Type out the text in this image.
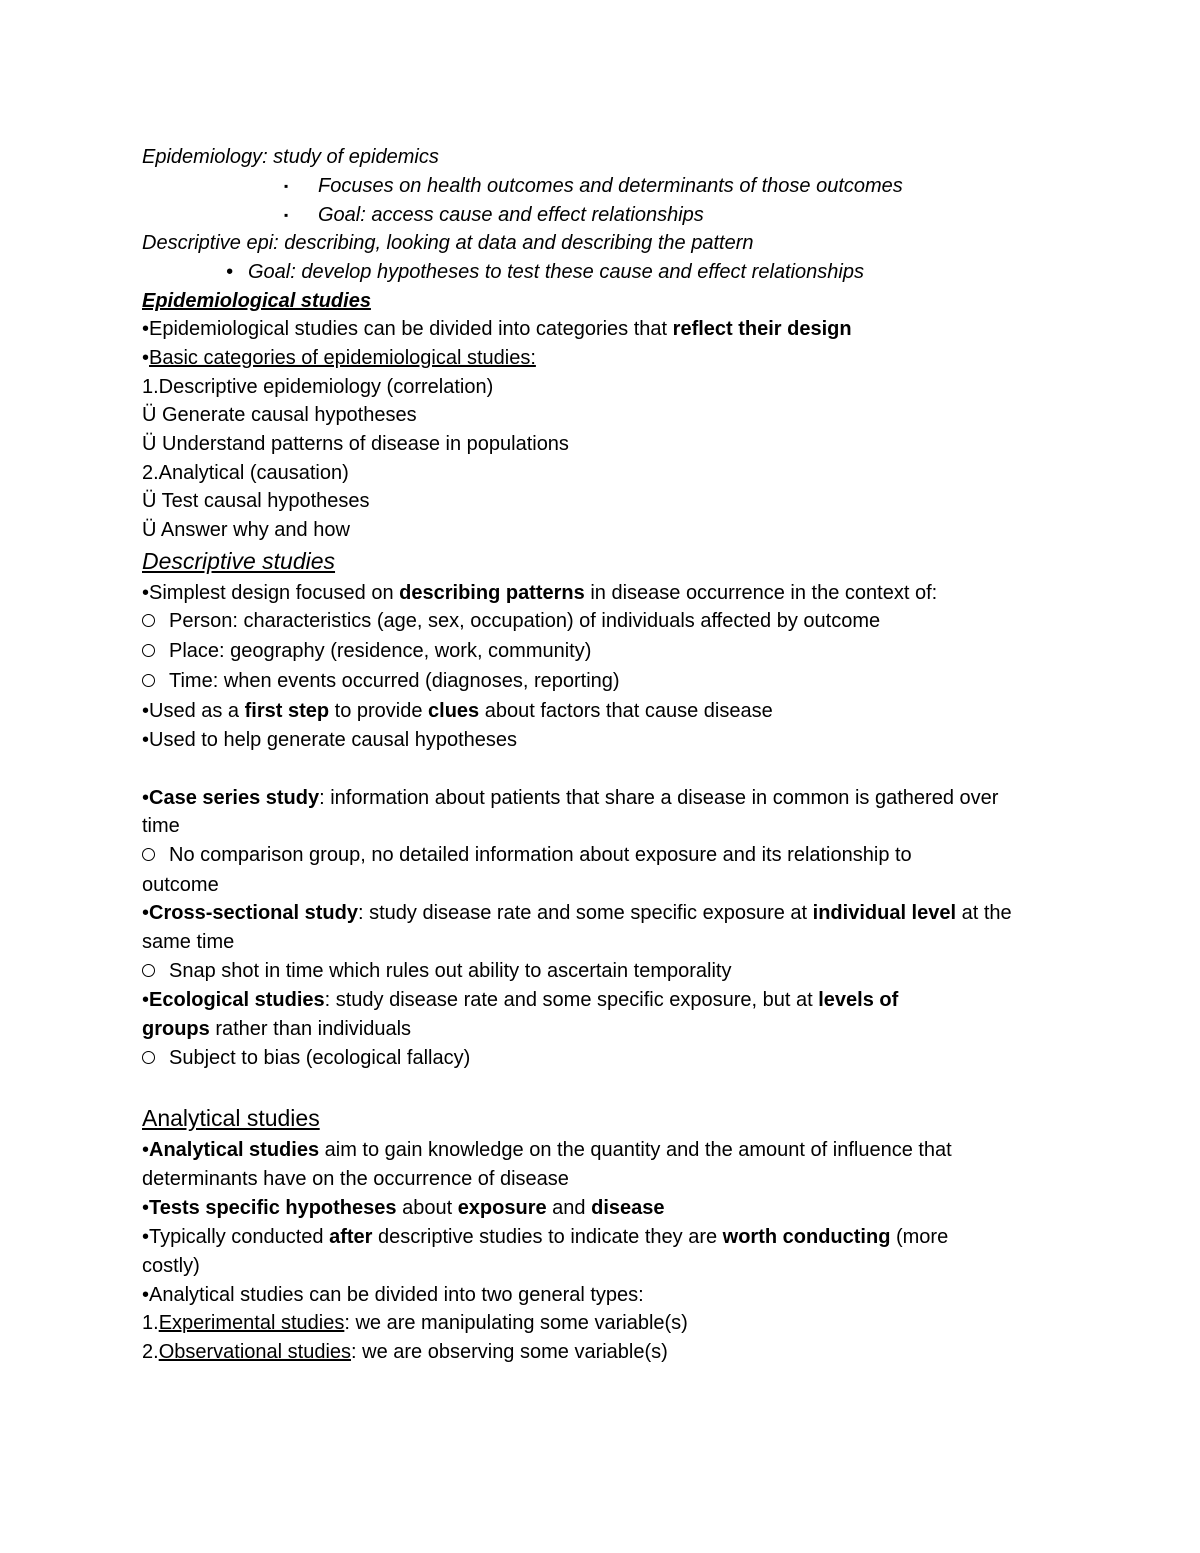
Epidemiology: study of epidemics
▪ Focuses on health outcomes and determinants of those outcomes
▪ Goal: access cause and effect relationships
Descriptive epi: describing, looking at data and describing the pattern
• Goal: develop hypotheses to test these cause and effect relationships
Epidemiological studies
•Epidemiological studies can be divided into categories that reflect their design
•Basic categories of epidemiological studies:
1.Descriptive epidemiology (correlation)
Ü Generate causal hypotheses
Ü Understand patterns of disease in populations
2.Analytical (causation)
Ü Test causal hypotheses
Ü Answer why and how
Descriptive studies
•Simplest design focused on describing patterns in disease occurrence in the context of:
Person: characteristics (age, sex, occupation) of individuals affected by outcome
Place: geography (residence, work, community)
Time: when events occurred (diagnoses, reporting)
•Used as a first step to provide clues about factors that cause disease
•Used to help generate causal hypotheses
•Case series study: information about patients that share a disease in common is gathered over
time
No comparison group, no detailed information about exposure and its relationship to
outcome
•Cross-sectional study: study disease rate and some specific exposure at individual level at the
same time
Snap shot in time which rules out ability to ascertain temporality
•Ecological studies: study disease rate and some specific exposure, but at levels of
groups rather than individuals
Subject to bias (ecological fallacy)
Analytical studies
•Analytical studies aim to gain knowledge on the quantity and the amount of influence that
determinants have on the occurrence of disease
•Tests specific hypotheses about exposure and disease
•Typically conducted after descriptive studies to indicate they are worth conducting (more
costly)
•Analytical studies can be divided into two general types:
1.Experimental studies: we are manipulating some variable(s)
2.Observational studies: we are observing some variable(s)
